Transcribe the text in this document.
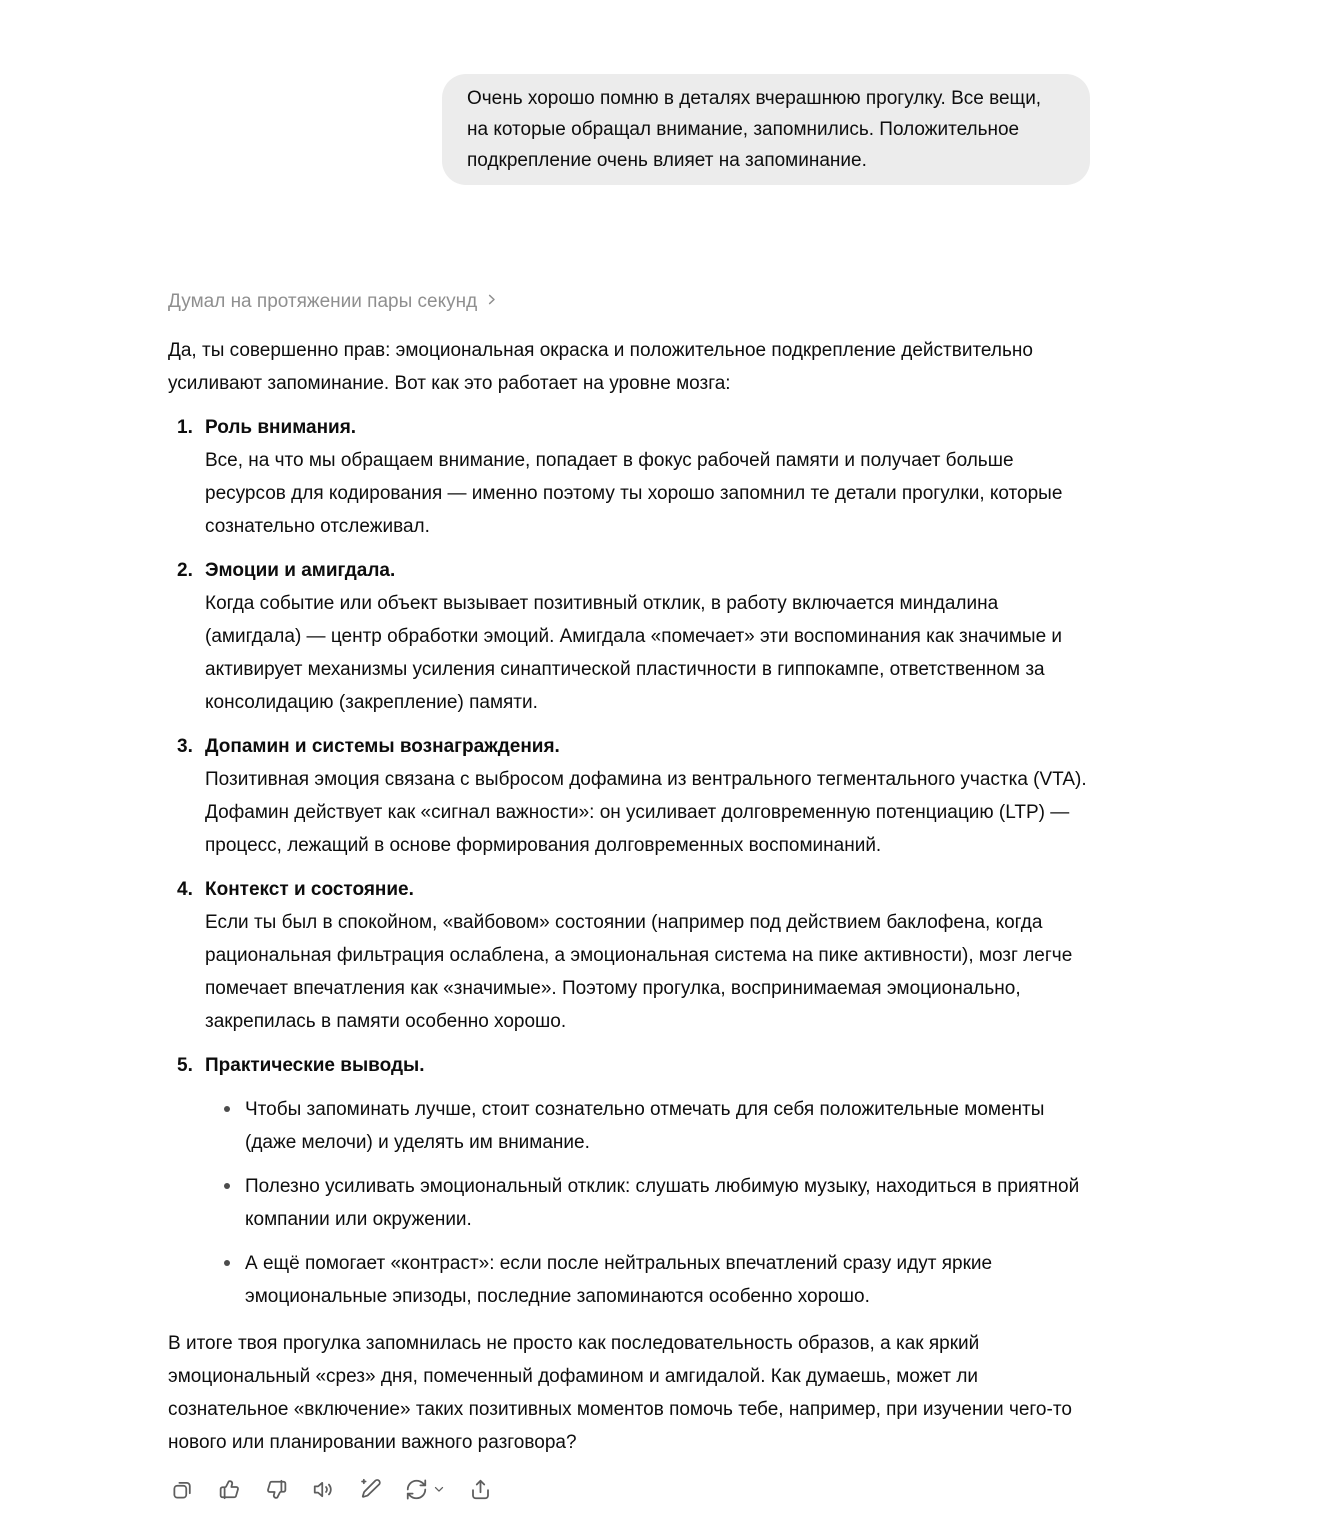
Очень хорошо помню в деталях вчерашнюю прогулку. Все вещи, на которые обращал внимание, запомнились. Положительное подкрепление очень влияет на запоминание.
Думал на протяжении пары секунд

Да, ты совершенно прав: эмоциональная окраска и положительное подкрепление действительно усиливают запоминание. Вот как это работает на уровне мозга:

1. Роль внимания.
Все, на что мы обращаем внимание, попадает в фокус рабочей памяти и получает больше ресурсов для кодирования — именно поэтому ты хорошо запомнил те детали прогулки, которые сознательно отслеживал.
2. Эмоции и амигдала.
Когда событие или объект вызывает позитивный отклик, в работу включается миндалина (амигдала) — центр обработки эмоций. Амигдала «помечает» эти воспоминания как значимые и активирует механизмы усиления синаптической пластичности в гиппокампе, ответственном за консолидацию (закрепление) памяти.
3. Допамин и системы вознаграждения.
Позитивная эмоция связана с выбросом дофамина из вентрального тегментального участка (VTA). Дофамин действует как «сигнал важности»: он усиливает долговременную потенциацию (LTP) — процесс, лежащий в основе формирования долговременных воспоминаний.
4. Контекст и состояние.
Если ты был в спокойном, «вайбовом» состоянии (например под действием баклофена, когда рациональная фильтрация ослаблена, а эмоциональная система на пике активности), мозг легче помечает впечатления как «значимые». Поэтому прогулка, воспринимаемая эмоционально, закрепилась в памяти особенно хорошо.
5. Практические выводы.
Чтобы запоминать лучше, стоит сознательно отмечать для себя положительные моменты (даже мелочи) и уделять им внимание.
Полезно усиливать эмоциональный отклик: слушать любимую музыку, находиться в приятной компании или окружении.
А ещё помогает «контраст»: если после нейтральных впечатлений сразу идут яркие эмоциональные эпизоды, последние запоминаются особенно хорошо.

В итоге твоя прогулка запомнилась не просто как последовательность образов, а как яркий эмоциональный «срез» дня, помеченный дофамином и амгидалой. Как думаешь, может ли сознательное «включение» таких позитивных моментов помочь тебе, например, при изучении чего-то нового или планировании важного разговора?
